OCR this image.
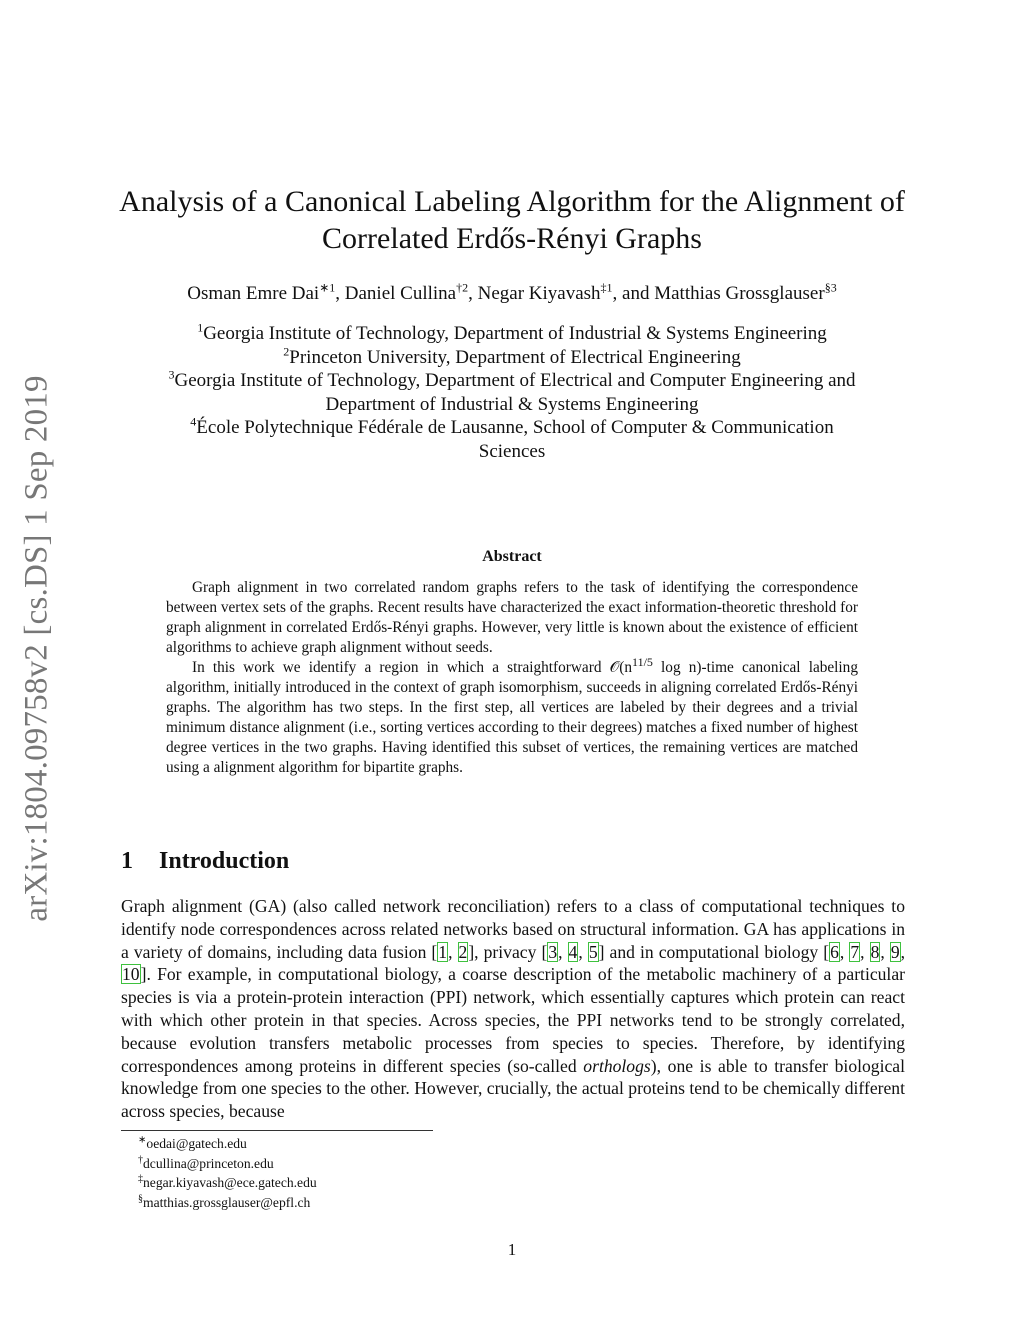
arXiv:1804.09758v2 [cs.DS] 1 Sep 2019
Analysis of a Canonical Labeling Algorithm for the Alignment of
Correlated Erdős-Rényi Graphs
Osman Emre Dai$^{∗1}$, Daniel Cullina$^{\dagger 2}$, Negar Kiyavash$^{\ddagger 1}$, and Matthias Grossglauser$^{\S 3}$
$^1$Georgia Institute of Technology, Department of Industrial & Systems Engineering
$^2$Princeton University, Department of Electrical Engineering
$^3$Georgia Institute of Technology, Department of Electrical and Computer Engineering and
Department of Industrial & Systems Engineering
$^4$École Polytechnique Fédérale de Lausanne, School of Computer & Communication
Sciences
Abstract

Graph alignment in two correlated random graphs refers to the task of identifying the correspondence between vertex sets of the graphs. Recent results have characterized the exact information-theoretic threshold for graph alignment in correlated Erdős-Rényi graphs. However, very little is known about the existence of efficient algorithms to achieve graph alignment without seeds.

In this work we identify a region in which a straightforward $𝒪(n^{11/5}$ log n)-time canonical labeling algorithm, initially introduced in the context of graph isomorphism, succeeds in aligning correlated Erdős-Rényi graphs. The algorithm has two steps. In the first step, all vertices are labeled by their degrees and a trivial minimum distance alignment (i.e., sorting vertices according to their degrees) matches a fixed number of highest degree vertices in the two graphs. Having identified this subset of vertices, the remaining vertices are matched using a alignment algorithm for bipartite graphs.

1 Introduction

Graph alignment (GA) (also called network reconciliation) refers to a class of computational techniques to identify node correspondences across related networks based on structural information. GA has applications in a variety of domains, including data fusion [1, 2], privacy [3, 4, 5] and in computational biology [6, 7, 8, 9, 10]. For example, in computational biology, a coarse description of the metabolic machinery of a particular species is via a protein-protein interaction (PPI) network, which essentially captures which protein can react with which other protein in that species. Across species, the PPI networks tend to be strongly correlated, because evolution transfers metabolic processes from species to species. Therefore, by identifying correspondences among proteins in different species (so-called orthologs), one is able to transfer biological knowledge from one species to the other. However, crucially, the actual proteins tend to be chemically different across species, because

∗oedai@gatech.edu
†dcullina@princeton.edu
‡negar.kiyavash@ece.gatech.edu
§matthias.grossglauser@epfl.ch
1
